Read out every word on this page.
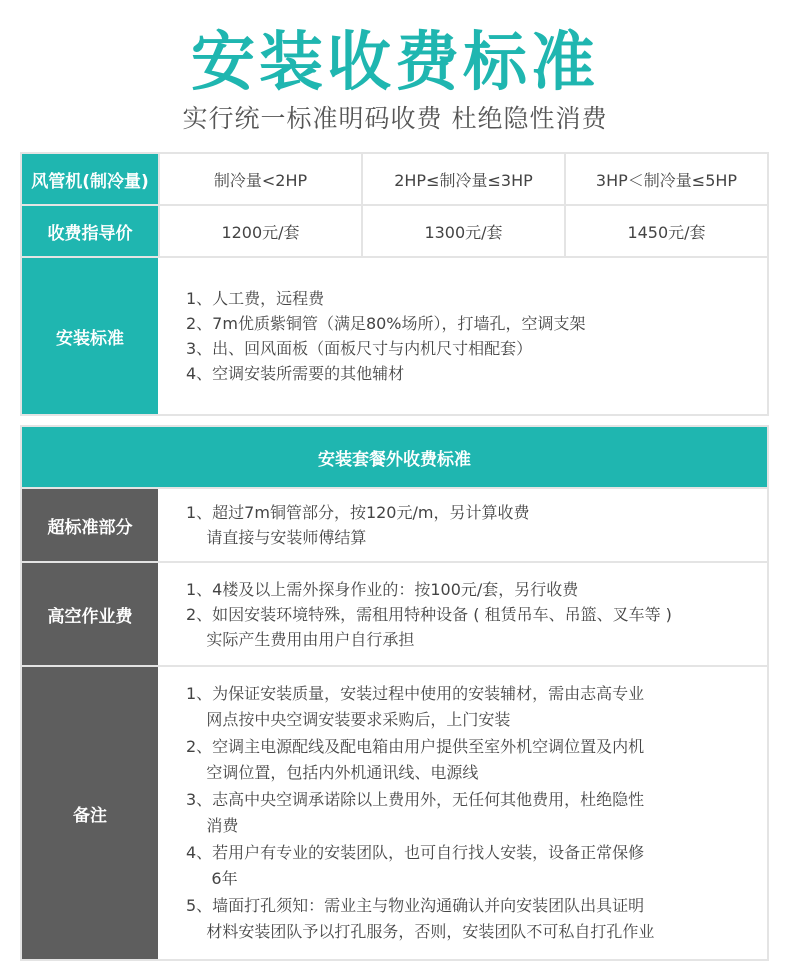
安装收费标准
实行统一标准明码收费 杜绝隐性消费
风管机(制冷量)	制冷量<2HP	2HP≤制冷量≤3HP	3HP＜制冷量≤5HP
收费指导价	1200元/套	1300元/套	1450元/套
安装标准
1、人工费，远程费
2、7m优质紫铜管（满足80%场所），打墙孔，空调支架
3、出、回风面板（面板尺寸与内机尺寸相配套）
4、空调安装所需要的其他辅材
安装套餐外收费标准
超标准部分
1、超过7m铜管部分，按120元/m，另计算收费
请直接与安装师傅结算
高空作业费
1、4楼及以上需外探身作业的：按100元/套，另行收费
2、如因安装环境特殊，需租用特种设备 ( 租赁吊车、吊篮、叉车等 )
实际产生费用由用户自行承担
备注
1、为保证安装质量，安装过程中使用的安装辅材，需由志高专业
网点按中央空调安装要求采购后，上门安装
2、空调主电源配线及配电箱由用户提供至室外机空调位置及内机
空调位置，包括内外机通讯线、电源线
3、志高中央空调承诺除以上费用外，无任何其他费用，杜绝隐性
消费
4、若用户有专业的安装团队，也可自行找人安装，设备正常保修
6年
5、墙面打孔须知：需业主与物业沟通确认并向安装团队出具证明
材料安装团队予以打孔服务，否则，安装团队不可私自打孔作业
